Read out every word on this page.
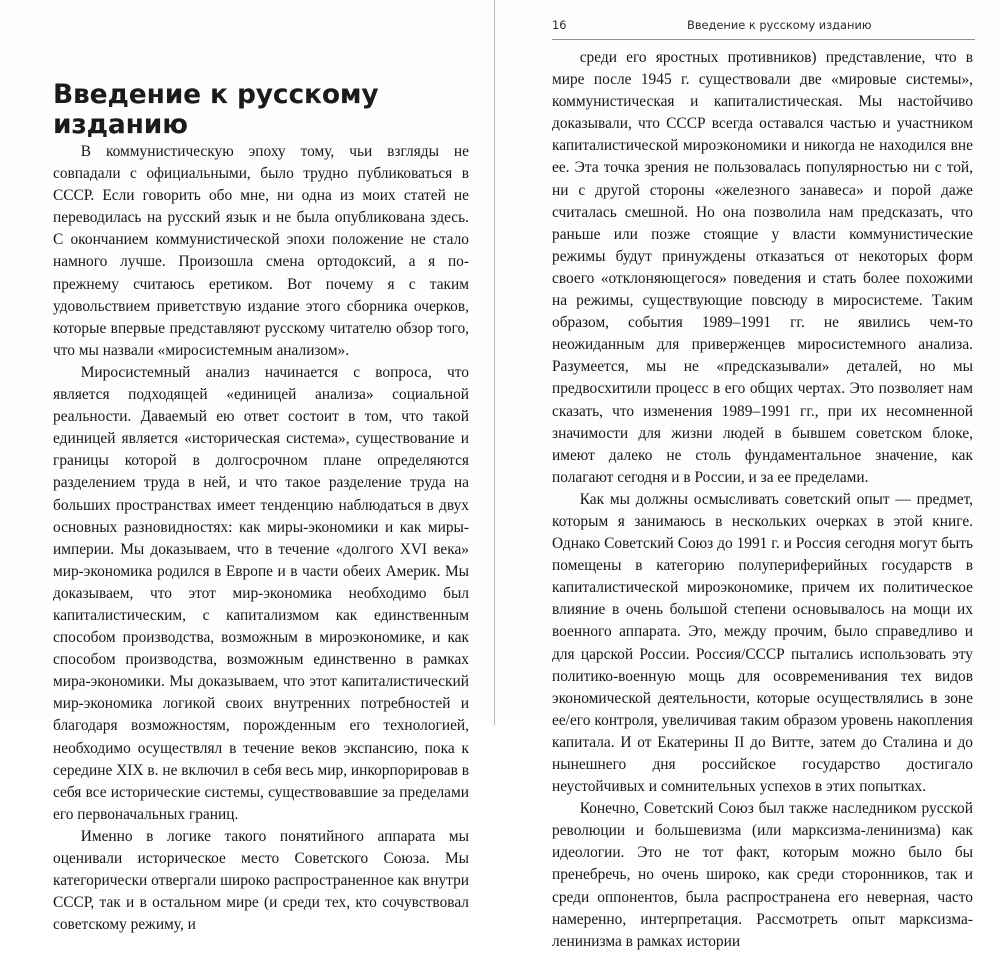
Введение к русскому изданию

В коммунистическую эпоху тому, чьи взгляды не совпадали с официальными, было трудно публиковаться в СССР. Если говорить обо мне, ни одна из моих статей не переводилась на русский язык и не была опубликована здесь. С окончанием коммунистической эпохи положение не стало намного лучше. Произошла смена ортодоксий, а я по-прежнему считаюсь еретиком. Вот почему я с таким удовольствием приветствую издание этого сборника очерков, которые впервые представляют русскому читателю обзор того, что мы назвали «миросистемным анализом».

Миросистемный анализ начинается с вопроса, что является подходящей «единицей анализа» социальной реальности. Даваемый ею ответ состоит в том, что такой единицей является «историческая система», существование и границы которой в долгосрочном плане определяются разделением труда в ней, и что такое разделение труда на больших пространствах имеет тенденцию наблюдаться в двух основных разновидностях: как миры-экономики и как миры-империи. Мы доказываем, что в течение «долгого XVI века» мир-экономика родился в Европе и в части обеих Америк. Мы доказываем, что этот мир-экономика необходимо был капиталистическим, с капитализмом как единственным способом производства, возможным в мироэкономике, и как способом производства, возможным единственно в рамках мира-экономики. Мы доказываем, что этот капиталистический мир-экономика логикой своих внутренних потребностей и благодаря возможностям, порожденным его технологией, необходимо осуществлял в течение веков экспансию, пока к середине XIX в. не включил в себя весь мир, инкорпорировав в себя все исторические системы, существовавшие за пределами его первоначальных границ.

Именно в логике такого понятийного аппарата мы оценивали историческое место Советского Союза. Мы категорически отвергали широко распространенное как внутри СССР, так и в остальном мире (и среди тех, кто сочувствовал советскому режиму, и

16	Введение к русскому изданию

среди его яростных противников) представление, что в мире после 1945 г. существовали две «мировые системы», коммунистическая и капиталистическая. Мы настойчиво доказывали, что СССР всегда оставался частью и участником капиталистической мироэкономики и никогда не находился вне ее. Эта точка зрения не пользовалась популярностью ни с той, ни с другой стороны «железного занавеса» и порой даже считалась смешной. Но она позволила нам предсказать, что раньше или позже стоящие у власти коммунистические режимы будут принуждены отказаться от некоторых форм своего «отклоняющегося» поведения и стать более похожими на режимы, существующие повсюду в миросистеме. Таким образом, события 1989–1991 гг. не явились чем-то неожиданным для приверженцев миросистемного анализа. Разумеется, мы не «предсказывали» деталей, но мы предвосхитили процесс в его общих чертах. Это позволяет нам сказать, что изменения 1989–1991 гг., при их несомненной значимости для жизни людей в бывшем советском блоке, имеют далеко не столь фундаментальное значение, как полагают сегодня и в России, и за ее пределами.

Как мы должны осмысливать советский опыт — предмет, которым я занимаюсь в нескольких очерках в этой книге. Однако Советский Союз до 1991 г. и Россия сегодня могут быть помещены в категорию полупериферийных государств в капиталистической мироэкономике, причем их политическое влияние в очень большой степени основывалось на мощи их военного аппарата. Это, между прочим, было справедливо и для царской России. Россия/СССР пытались использовать эту политико-военную мощь для осовременивания тех видов экономической деятельности, которые осуществлялись в зоне ее/его контроля, увеличивая таким образом уровень накопления капитала. И от Екатерины II до Витте, затем до Сталина и до нынешнего дня российское государство достигало неустойчивых и сомнительных успехов в этих попытках.

Конечно, Советский Союз был также наследником русской революции и большевизма (или марксизма-ленинизма) как идеологии. Это не тот факт, которым можно было бы пренебречь, но очень широко, как среди сторонников, так и среди оппонентов, была распространена его неверная, часто намеренно, интерпретация. Рассмотреть опыт марксизма-ленинизма в рамках истории
